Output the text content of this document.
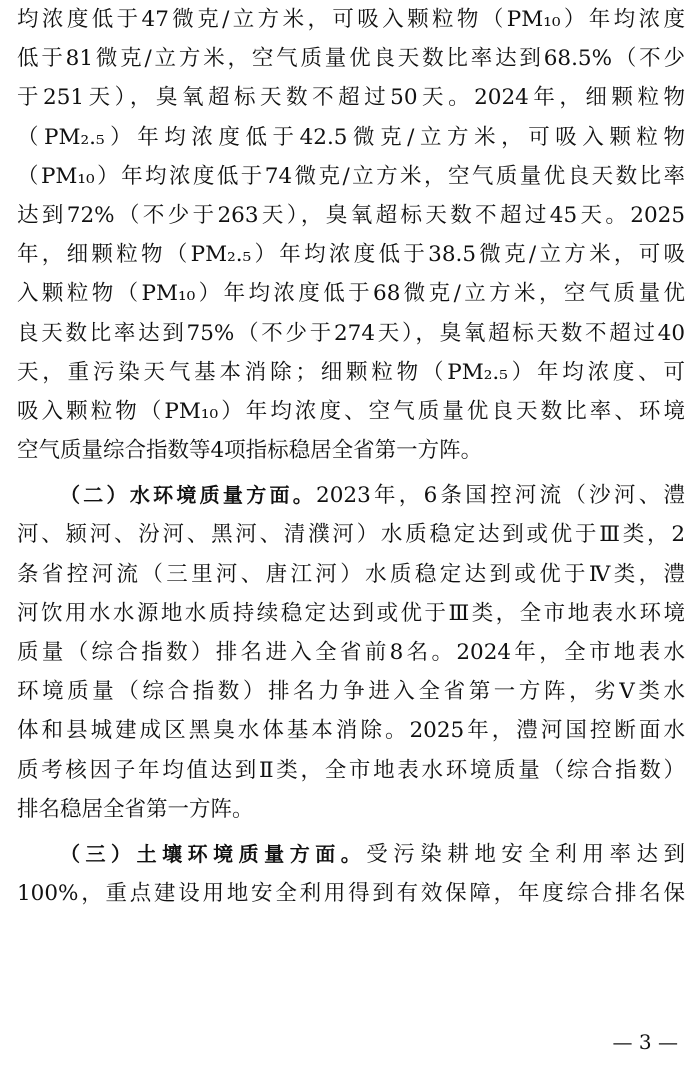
均浓度低于47微克/立方米，可吸入颗粒物（PM₁₀）年均浓度
低于81微克/立方米，空气质量优良天数比率达到68.5%（不少
于251天），臭氧超标天数不超过50天。2024年，细颗粒物
（PM₂.₅）年均浓度低于42.5微克/立方米，可吸入颗粒物
（PM₁₀）年均浓度低于74微克/立方米，空气质量优良天数比率
达到72%（不少于263天），臭氧超标天数不超过45天。2025
年，细颗粒物（PM₂.₅）年均浓度低于38.5微克/立方米，可吸
入颗粒物（PM₁₀）年均浓度低于68微克/立方米，空气质量优
良天数比率达到75%（不少于274天），臭氧超标天数不超过40
天，重污染天气基本消除；细颗粒物（PM₂.₅）年均浓度、可
吸入颗粒物（PM₁₀）年均浓度、空气质量优良天数比率、环境
空气质量综合指数等4项指标稳居全省第一方阵。
（二）水环境质量方面。2023年，6条国控河流（沙河、澧
河、颍河、汾河、黑河、清濮河）水质稳定达到或优于Ⅲ类，2
条省控河流（三里河、唐江河）水质稳定达到或优于Ⅳ类，澧
河饮用水水源地水质持续稳定达到或优于Ⅲ类，全市地表水环境
质量（综合指数）排名进入全省前8名。2024年，全市地表水
环境质量（综合指数）排名力争进入全省第一方阵，劣Ⅴ类水
体和县城建成区黑臭水体基本消除。2025年，澧河国控断面水
质考核因子年均值达到Ⅱ类，全市地表水环境质量（综合指数）
排名稳居全省第一方阵。
（三）土壤环境质量方面。受污染耕地安全利用率达到
100%，重点建设用地安全利用得到有效保障，年度综合排名保
— 3 —
